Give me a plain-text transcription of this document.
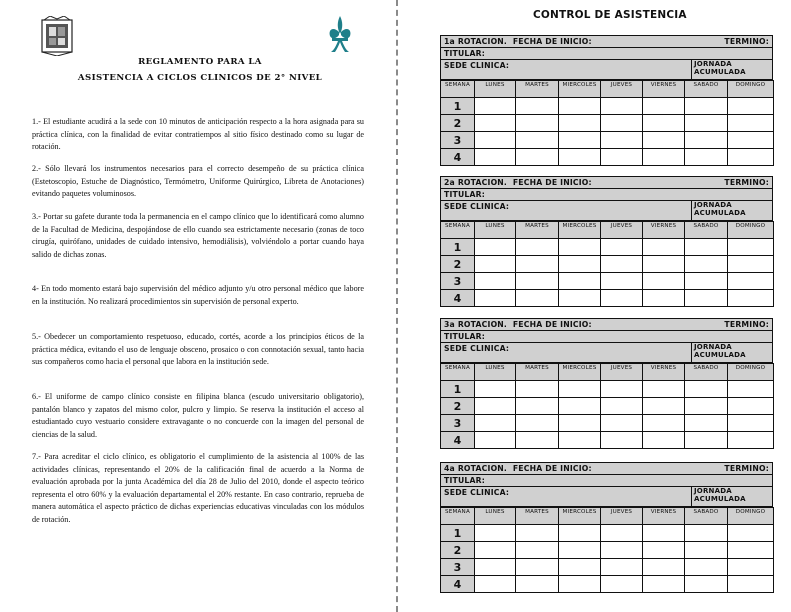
REGLAMENTO PARA LA
ASISTENCIA A CICLOS CLINICOS DE 2° NIVEL

1.- El estudiante acudirá a la sede con 10 minutos de anticipación respecto a la hora asignada para su práctica clínica, con la finalidad de evitar contratiempos al sitio físico destinado como su lugar de rotación.

2.- Sólo llevará los instrumentos necesarios para el correcto desempeño de su práctica clínica (Estetoscopio, Estuche de Diagnóstico, Termómetro, Uniforme Quirúrgico, Libreta de Anotaciones) evitando paquetes voluminosos.

3.- Portar su gafete durante toda la permanencia en el campo clínico que lo identificará como alumno de la Facultad de Medicina, despojándose de ello cuando sea estrictamente necesario (zonas de toco cirugía, quirófano, unidades de cuidado intensivo, hemodiálisis), volviéndolo a portar cuando haya salido de dichas zonas.

4- En todo momento estará bajo supervisión del médico adjunto y/u otro personal médico que labore en la institución. No realizará procedimientos sin supervisión de personal experto.

5.- Obedecer un comportamiento respetuoso, educado, cortés, acorde a los principios éticos de la práctica médica, evitando el uso de lenguaje obsceno, prosaico o con connotación sexual, tanto hacia sus compañeros como hacia el personal que labora en la institución sede.

6.- El uniforme de campo clínico consiste en filipina blanca (escudo universitario obligatorio), pantalón blanco y zapatos del mismo color, pulcro y limpio. Se reserva la institución el acceso al estudiantado cuyo vestuario considere extravagante o no concuerde con la imagen del personal de ciencias de la salud.

7.- Para acreditar el ciclo clínico, es obligatorio el cumplimiento de la asistencia al 100% de las actividades clínicas, representando el 20% de la calificación final de acuerdo a la Norma de evaluación aprobada por la junta Académica del día 28 de Julio del 2010, donde el aspecto teórico representa el otro 60% y la evaluación departamental el 20% restante. En caso contrario, reprueba de manera automática el aspecto práctico de dichas experiencias educativas vinculadas con los módulos de rotación.

CONTROL DE ASISTENCIA
1a ROTACION. FECHA DE INICIO:	TERMINO:
TITULAR:
SEDE CLINICA:	JORNADA ACUMULADA
SEMANA	LUNES	MARTES	MIERCOLES	JUEVES	VIERNES	SABADO	DOMINGO
1							
2							
3							
4							
2a ROTACION. FECHA DE INICIO:	TERMINO:
TITULAR:
SEDE CLINICA:	JORNADA ACUMULADA
SEMANA	LUNES	MARTES	MIERCOLES	JUEVES	VIERNES	SABADO	DOMINGO
1							
2							
3							
4							
3a ROTACION. FECHA DE INICIO:	TERMINO:
TITULAR:
SEDE CLINICA:	JORNADA ACUMULADA
SEMANA	LUNES	MARTES	MIERCOLES	JUEVES	VIERNES	SABADO	DOMINGO
1							
2							
3							
4							
4a ROTACION. FECHA DE INICIO:	TERMINO:
TITULAR:
SEDE CLINICA:	JORNADA ACUMULADA
SEMANA	LUNES	MARTES	MIERCOLES	JUEVES	VIERNES	SABADO	DOMINGO
1							
2							
3							
4							
